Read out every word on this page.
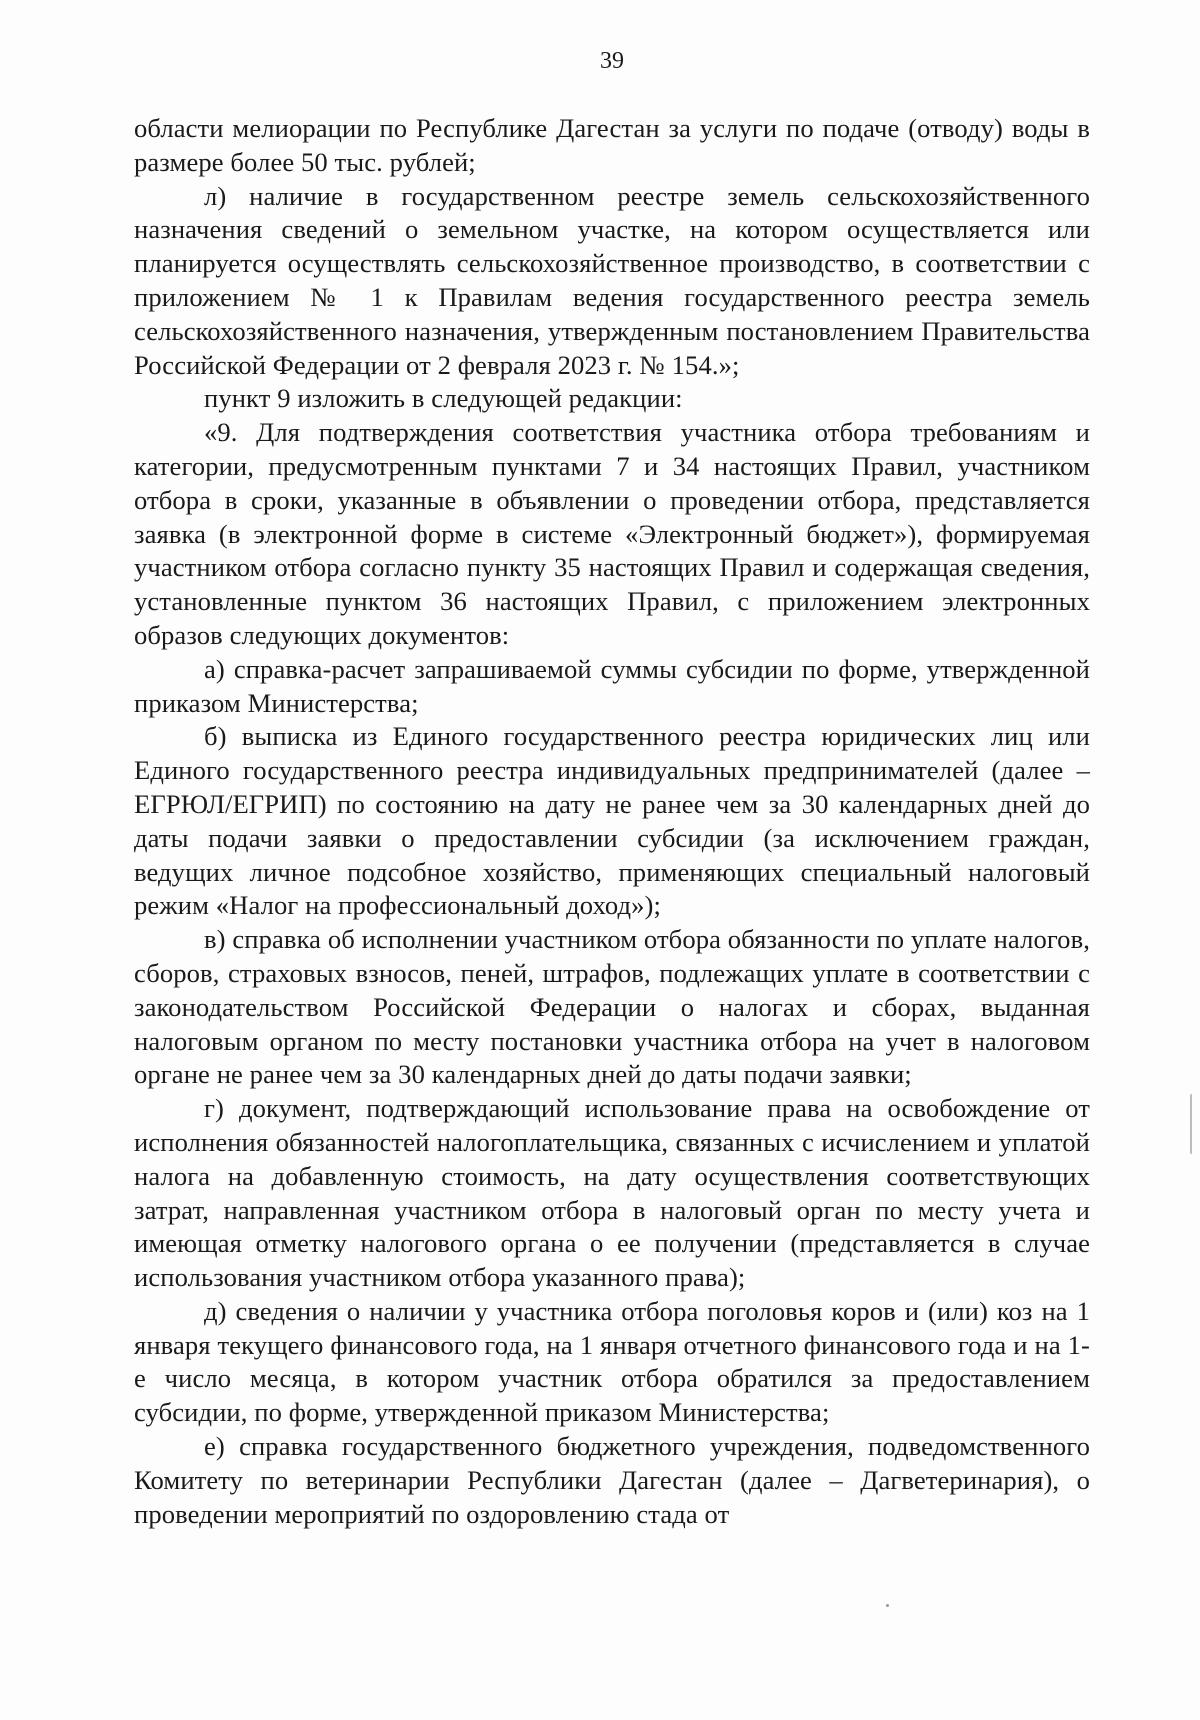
39

области мелиорации по Республике Дагестан за услуги по подаче (отводу) воды в размере более 50 тыс. рублей;

л) наличие в государственном реестре земель сельскохозяйственного назначения сведений о земельном участке, на котором осуществляется или планируется осуществлять сельскохозяйственное производство, в соответствии с приложением № 1 к Правилам ведения государственного реестра земель сельскохозяйственного назначения, утвержденным постановлением Правительства Российской Федерации от 2 февраля 2023 г. № 154.»;

пункт 9 изложить в следующей редакции:

«9. Для подтверждения соответствия участника отбора требованиям и категории, предусмотренным пунктами 7 и 34 настоящих Правил, участником отбора в сроки, указанные в объявлении о проведении отбора, представляется заявка (в электронной форме в системе «Электронный бюджет»), формируемая участником отбора согласно пункту 35 настоящих Правил и содержащая сведения, установленные пунктом 36 настоящих Правил, с приложением электронных образов следующих документов:

а) справка-расчет запрашиваемой суммы субсидии по форме, утвержденной приказом Министерства;

б) выписка из Единого государственного реестра юридических лиц или Единого государственного реестра индивидуальных предпринимателей (далее – ЕГРЮЛ/ЕГРИП) по состоянию на дату не ранее чем за 30 календарных дней до даты подачи заявки о предоставлении субсидии (за исключением граждан, ведущих личное подсобное хозяйство, применяющих специальный налоговый режим «Налог на профессиональный доход»);

в) справка об исполнении участником отбора обязанности по уплате налогов, сборов, страховых взносов, пеней, штрафов, подлежащих уплате в соответствии с законодательством Российской Федерации о налогах и сборах, выданная налоговым органом по месту постановки участника отбора на учет в налоговом органе не ранее чем за 30 календарных дней до даты подачи заявки;

г) документ, подтверждающий использование права на освобождение от исполнения обязанностей налогоплательщика, связанных с исчислением и уплатой налога на добавленную стоимость, на дату осуществления соответствующих затрат, направленная участником отбора в налоговый орган по месту учета и имеющая отметку налогового органа о ее получении (представляется в случае использования участником отбора указанного права);

д) сведения о наличии у участника отбора поголовья коров и (или) коз на 1 января текущего финансового года, на 1 января отчетного финансового года и на 1-е число месяца, в котором участник отбора обратился за предоставлением субсидии, по форме, утвержденной приказом Министерства;

е) справка государственного бюджетного учреждения, подведомственного Комитету по ветеринарии Республики Дагестан (далее – Дагветеринария), о проведении мероприятий по оздоровлению стада от
